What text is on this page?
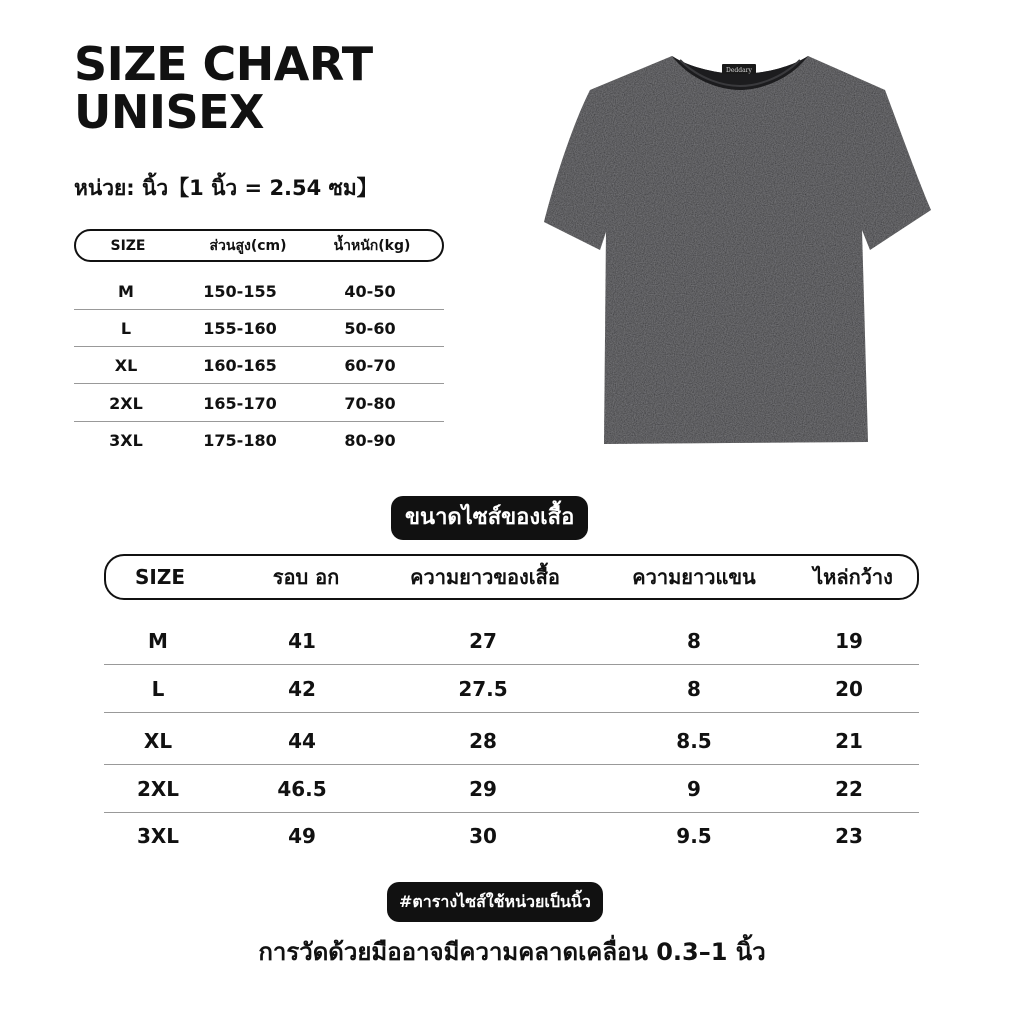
SIZE CHART
UNISEX
หน่วย: นิ้ว【1 นิ้ว = 2.54 ซม】
SIZE	ส่วนสูง(cm)	น้ำหนัก(kg)
M	150-155	40-50
L	155-160	50-60
XL	160-165	60-70
2XL	165-170	70-80
3XL	175-180	80-90
Deddary
ขนาดไซส์ของเสื้อ
SIZE	รอบ อก	ความยาวของเสื้อ	ความยาวแขน	ไหล่กว้าง
M	41	27	8	19
L	42	27.5	8	20
XL	44	28	8.5	21
2XL	46.5	29	9	22
3XL	49	30	9.5	23
#ตารางไซส์ใช้หน่วยเป็นนิ้ว
การวัดด้วยมืออาจมีความคลาดเคลื่อน 0.3–1 นิ้ว
